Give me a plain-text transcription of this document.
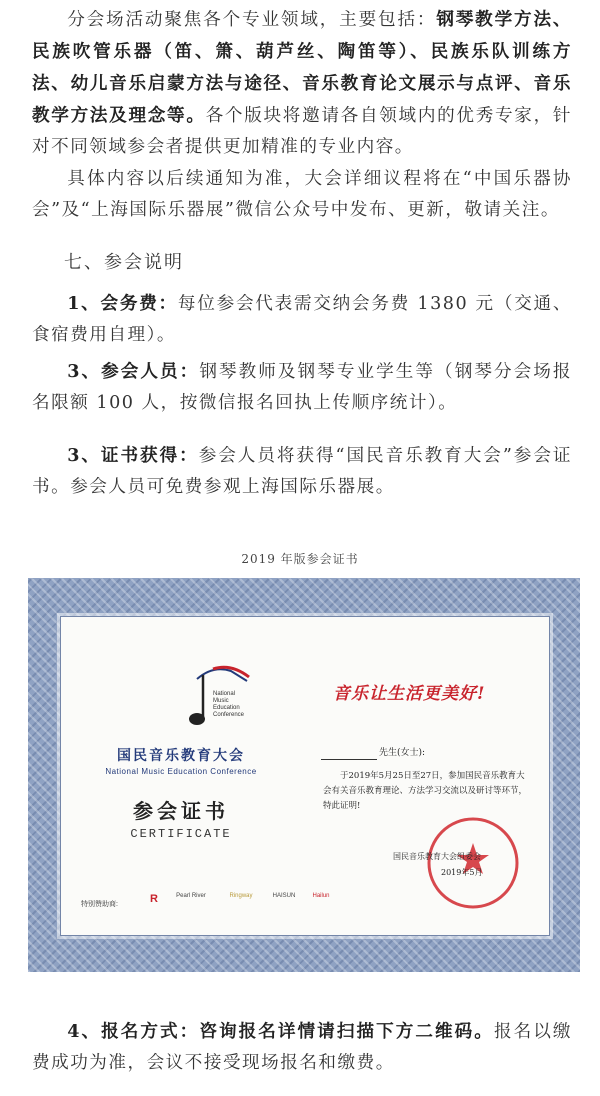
分会场活动聚焦各个专业领域，主要包括：钢琴教学方法、民族吹管乐器（笛、箫、葫芦丝、陶笛等）、民族乐队训练方法、幼儿音乐启蒙方法与途径、音乐教育论文展示与点评、音乐教学方法及理念等。各个版块将邀请各自领域内的优秀专家，针对不同领域参会者提供更加精准的专业内容。

具体内容以后续通知为准，大会详细议程将在“中国乐器协会”及“上海国际乐器展”微信公众号中发布、更新，敬请关注。

七、参会说明

1、会务费：每位参会代表需交纳会务费 1380 元（交通、食宿费用自理）。

3、参会人员：钢琴教师及钢琴专业学生等（钢琴分会场报名限额 100 人，按微信报名回执上传顺序统计）。

3、证书获得：参会人员将获得“国民音乐教育大会”参会证书。参会人员可免费参观上海国际乐器展。

2019 年版参会证书
National
Music
Education
Conference
国民音乐教育大会
National Music Education Conference
参会证书
CERTIFICATE
特别赞助商:	R	Pearl River	Ringway	HAISUN	Hailun
音乐让生活更美好!
先生(女士):
于2019年5月25日至27日，参加国民音乐教育大会有关音乐教育理论、方法学习交流以及研讨等环节，特此证明!
国民音乐教育大会组委会
2019年5月

4、报名方式：咨询报名详情请扫描下方二维码。报名以缴费成功为准，会议不接受现场报名和缴费。
